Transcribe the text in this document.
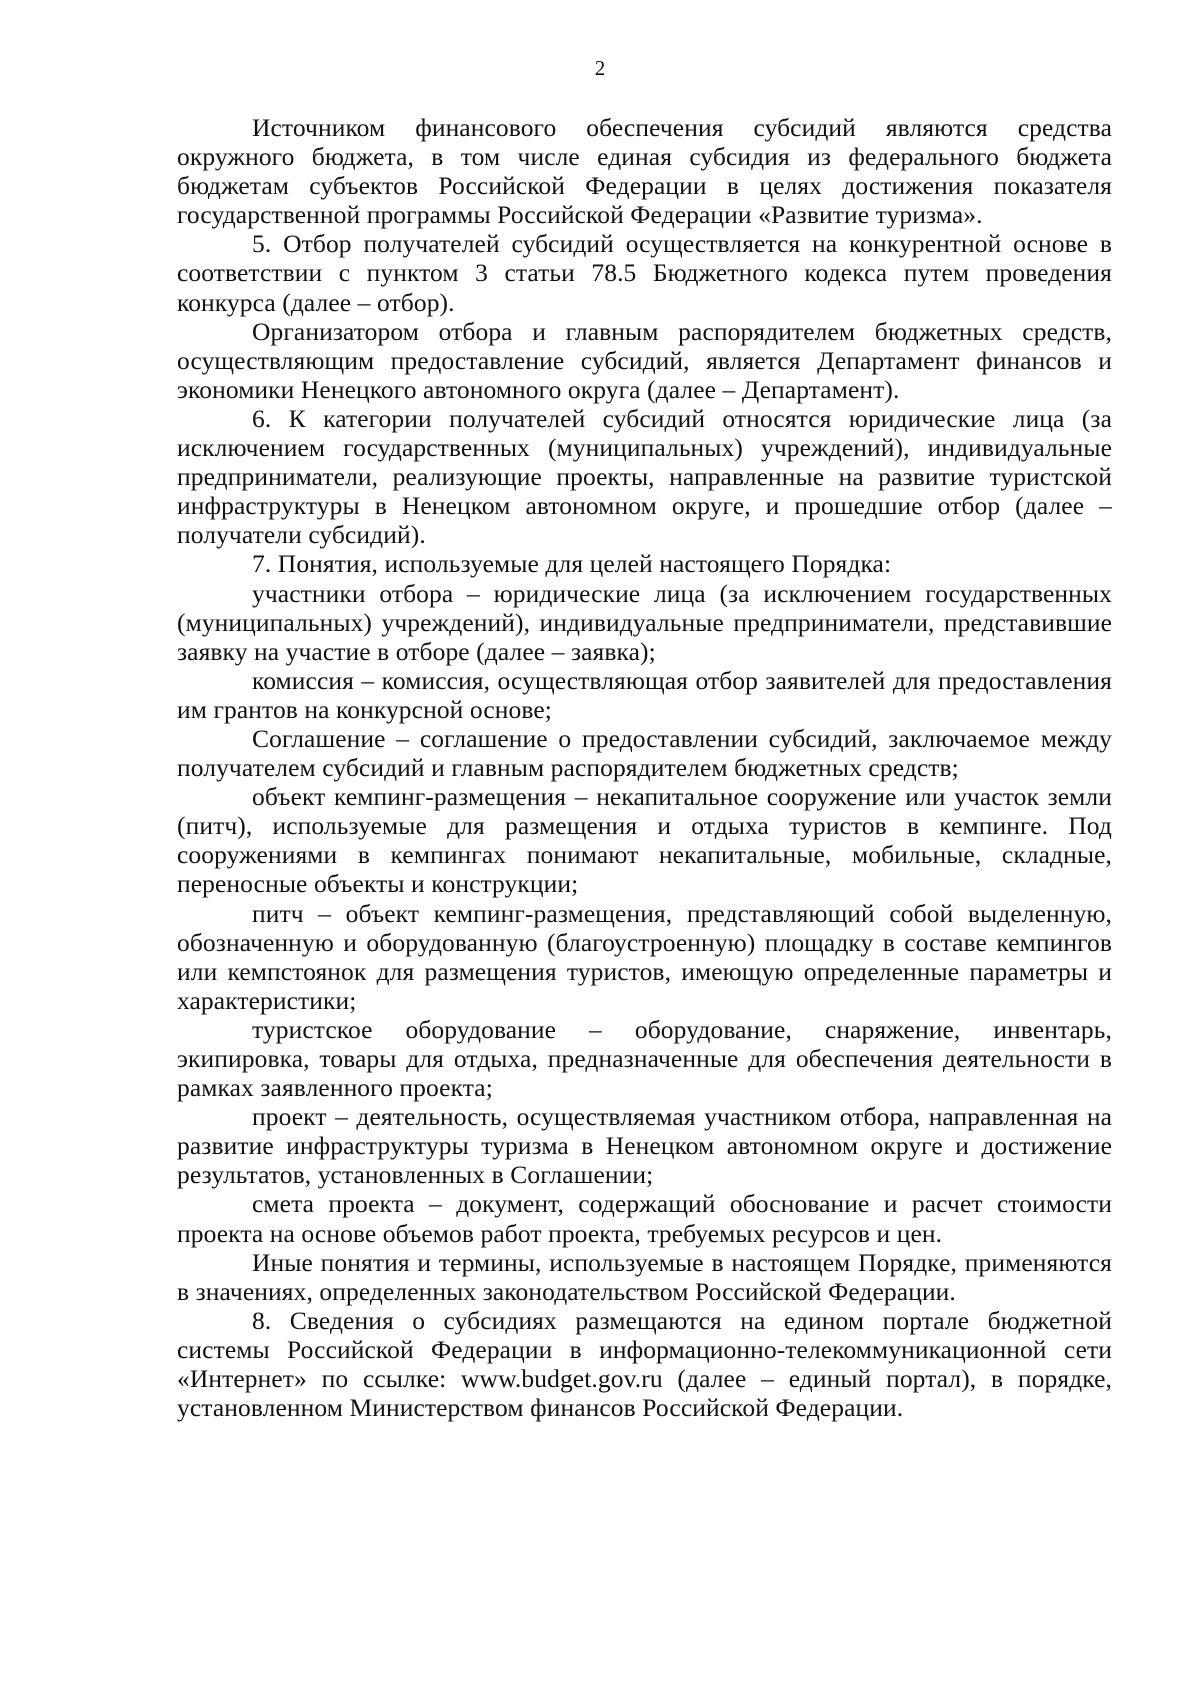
2

Источником финансового обеспечения субсидий являются средства окружного бюджета, в том числе единая субсидия из федерального бюджета бюджетам субъектов Российской Федерации в целях достижения показателя государственной программы Российской Федерации «Развитие туризма».

5. Отбор получателей субсидий осуществляется на конкурентной основе в соответствии с пунктом 3 статьи 78.5 Бюджетного кодекса путем проведения конкурса (далее – отбор).

Организатором отбора и главным распорядителем бюджетных средств, осуществляющим предоставление субсидий, является Департамент финансов и экономики Ненецкого автономного округа (далее – Департамент).

6. К категории получателей субсидий относятся юридические лица (за исключением государственных (муниципальных) учреждений), индивидуальные предприниматели, реализующие проекты, направленные на развитие туристской инфраструктуры в Ненецком автономном округе, и прошедшие отбор (далее – получатели субсидий).

7. Понятия, используемые для целей настоящего Порядка:

участники отбора – юридические лица (за исключением государственных (муниципальных) учреждений), индивидуальные предприниматели, представившие заявку на участие в отборе (далее – заявка);

комиссия – комиссия, осуществляющая отбор заявителей для предоставления им грантов на конкурсной основе;

Соглашение – соглашение о предоставлении субсидий, заключаемое между получателем субсидий и главным распорядителем бюджетных средств;

объект кемпинг-размещения – некапитальное сооружение или участок земли (питч), используемые для размещения и отдыха туристов в кемпинге. Под сооружениями в кемпингах понимают некапитальные, мобильные, складные, переносные объекты и конструкции;

питч – объект кемпинг-размещения, представляющий собой выделенную, обозначенную и оборудованную (благоустроенную) площадку в составе кемпингов или кемпстоянок для размещения туристов, имеющую определенные параметры и характеристики;

туристское оборудование – оборудование, снаряжение, инвентарь, экипировка, товары для отдыха, предназначенные для обеспечения деятельности в рамках заявленного проекта;

проект – деятельность, осуществляемая участником отбора, направленная на развитие инфраструктуры туризма в Ненецком автономном округе и достижение результатов, установленных в Соглашении;

смета проекта – документ, содержащий обоснование и расчет стоимости проекта на основе объемов работ проекта, требуемых ресурсов и цен.

Иные понятия и термины, используемые в настоящем Порядке, применяются в значениях, определенных законодательством Российской Федерации.

8. Сведения о субсидиях размещаются на едином портале бюджетной системы Российской Федерации в информационно-телекоммуникационной сети «Интернет» по ссылке: www.budget.gov.ru (далее – единый портал), в порядке, установленном Министерством финансов Российской Федерации.
